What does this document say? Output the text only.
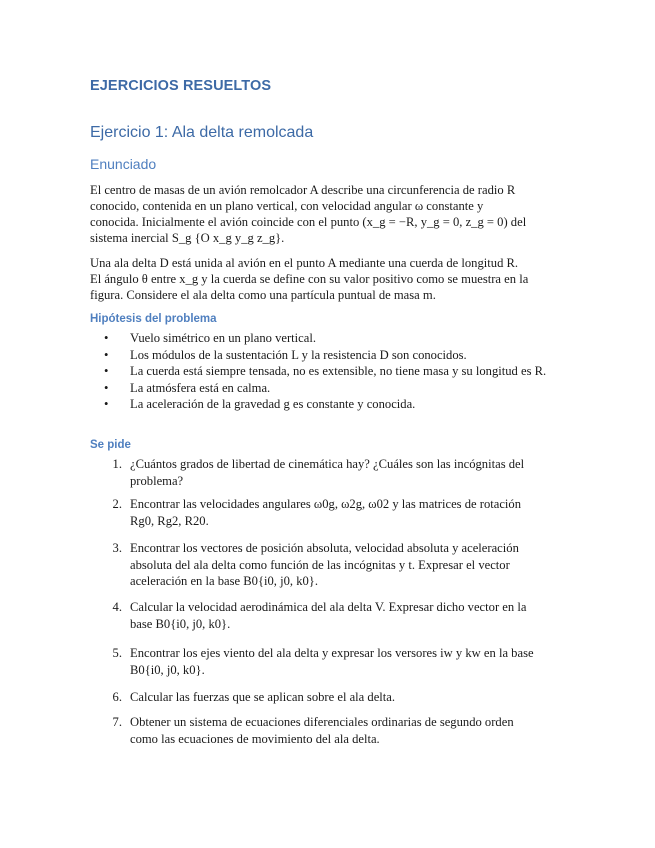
EJERCICIOS RESUELTOS
Ejercicio 1: Ala delta remolcada
Enunciado
El centro de masas de un avión remolcador A describe una circunferencia de radio R
conocido, contenida en un plano vertical, con velocidad angular ω constante y
conocida. Inicialmente el avión coincide con el punto (x_g = −R, y_g = 0, z_g = 0) del
sistema inercial S_g {O x_g y_g z_g}.
Una ala delta D está unida al avión en el punto A mediante una cuerda de longitud R.
El ángulo θ entre x_g y la cuerda se define con su valor positivo como se muestra en la
figura. Considere el ala delta como una partícula puntual de masa m.
Hipótesis del problema
• Vuelo simétrico en un plano vertical.
• Los módulos de la sustentación L y la resistencia D son conocidos.
• La cuerda está siempre tensada, no es extensible, no tiene masa y su longitud es R.
• La atmósfera está en calma.
• La aceleración de la gravedad g es constante y conocida.
Se pide
1. ¿Cuántos grados de libertad de cinemática hay? ¿Cuáles son las incógnitas del
problema?
2. Encontrar las velocidades angulares ω0g, ω2g, ω02 y las matrices de rotación
Rg0, Rg2, R20.
3. Encontrar los vectores de posición absoluta, velocidad absoluta y aceleración
absoluta del ala delta como función de las incógnitas y t. Expresar el vector
aceleración en la base B0{i0, j0, k0}.
4. Calcular la velocidad aerodinámica del ala delta V. Expresar dicho vector en la
base B0{i0, j0, k0}.
5. Encontrar los ejes viento del ala delta y expresar los versores iw y kw en la base
B0{i0, j0, k0}.
6. Calcular las fuerzas que se aplican sobre el ala delta.
7. Obtener un sistema de ecuaciones diferenciales ordinarias de segundo orden
como las ecuaciones de movimiento del ala delta.
